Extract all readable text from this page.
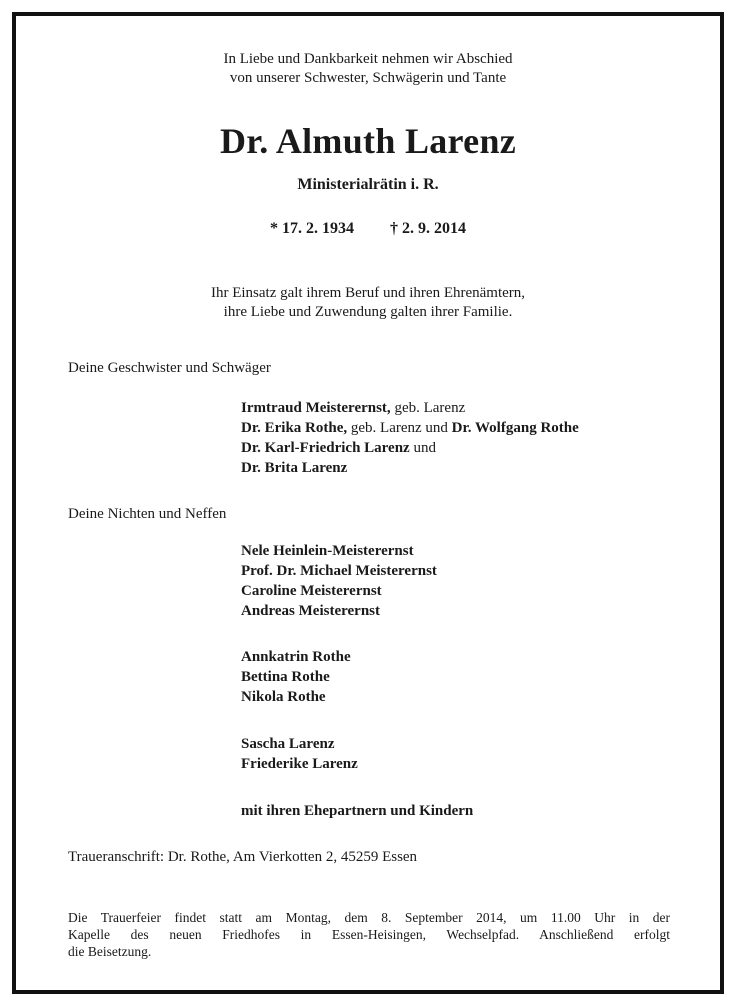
In Liebe und Dankbarkeit nehmen wir Abschied
von unserer Schwester, Schwägerin und Tante
Dr. Almuth Larenz
Ministerialrätin i. R.
* 17. 2. 1934 † 2. 9. 2014
Ihr Einsatz galt ihrem Beruf und ihren Ehrenämtern,
ihre Liebe und Zuwendung galten ihrer Familie.
Deine Geschwister und Schwäger
Irmtraud Meisterernst, geb. Larenz
Dr. Erika Rothe, geb. Larenz und Dr. Wolfgang Rothe
Dr. Karl-Friedrich Larenz und
Dr. Brita Larenz
Deine Nichten und Neffen
Nele Heinlein-Meisterernst
Prof. Dr. Michael Meisterernst
Caroline Meisterernst
Andreas Meisterernst
Annkatrin Rothe
Bettina Rothe
Nikola Rothe
Sascha Larenz
Friederike Larenz
mit ihren Ehepartnern und Kindern
Traueranschrift: Dr. Rothe, Am Vierkotten 2, 45259 Essen
Die Trauerfeier findet statt am Montag, dem 8. September 2014, um 11.00 Uhr in der
Kapelle des neuen Friedhofes in Essen-Heisingen, Wechselpfad. Anschließend erfolgt
die Beisetzung.
